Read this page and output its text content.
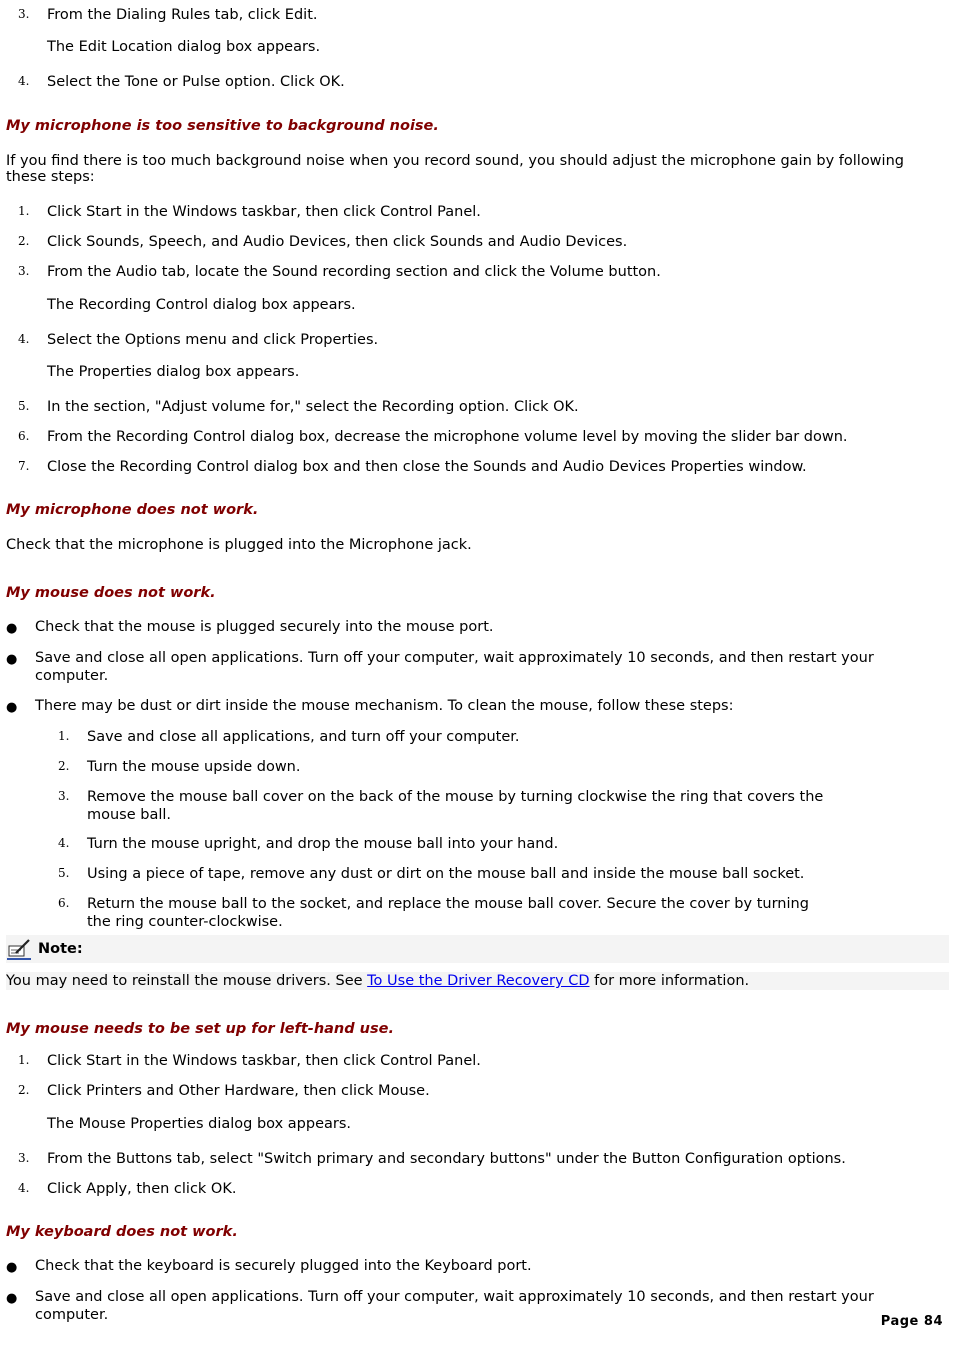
3. From the Dialing Rules tab, click Edit.
The Edit Location dialog box appears.
4. Select the Tone or Pulse option. Click OK.
My microphone is too sensitive to background noise.
If you find there is too much background noise when you record sound, you should adjust the microphone gain by following
these steps:
1. Click Start in the Windows taskbar, then click Control Panel.
2. Click Sounds, Speech, and Audio Devices, then click Sounds and Audio Devices.
3. From the Audio tab, locate the Sound recording section and click the Volume button.
The Recording Control dialog box appears.
4. Select the Options menu and click Properties.
The Properties dialog box appears.
5. In the section, "Adjust volume for," select the Recording option. Click OK.
6. From the Recording Control dialog box, decrease the microphone volume level by moving the slider bar down.
7. Close the Recording Control dialog box and then close the Sounds and Audio Devices Properties window.
My microphone does not work.
Check that the microphone is plugged into the Microphone jack.
My mouse does not work.
● Check that the mouse is plugged securely into the mouse port.
● Save and close all open applications. Turn off your computer, wait approximately 10 seconds, and then restart your
computer.
● There may be dust or dirt inside the mouse mechanism. To clean the mouse, follow these steps:
1. Save and close all applications, and turn off your computer.
2. Turn the mouse upside down.
3. Remove the mouse ball cover on the back of the mouse by turning clockwise the ring that covers the
mouse ball.
4. Turn the mouse upright, and drop the mouse ball into your hand.
5. Using a piece of tape, remove any dust or dirt on the mouse ball and inside the mouse ball socket.
6. Return the mouse ball to the socket, and replace the mouse ball cover. Secure the cover by turning
the ring counter-clockwise.
Note:
You may need to reinstall the mouse drivers. See To Use the Driver Recovery CD for more information.
My mouse needs to be set up for left-hand use.
1. Click Start in the Windows taskbar, then click Control Panel.
2. Click Printers and Other Hardware, then click Mouse.
The Mouse Properties dialog box appears.
3. From the Buttons tab, select "Switch primary and secondary buttons" under the Button Configuration options.
4. Click Apply, then click OK.
My keyboard does not work.
● Check that the keyboard is securely plugged into the Keyboard port.
● Save and close all open applications. Turn off your computer, wait approximately 10 seconds, and then restart your
computer.	Page 84
